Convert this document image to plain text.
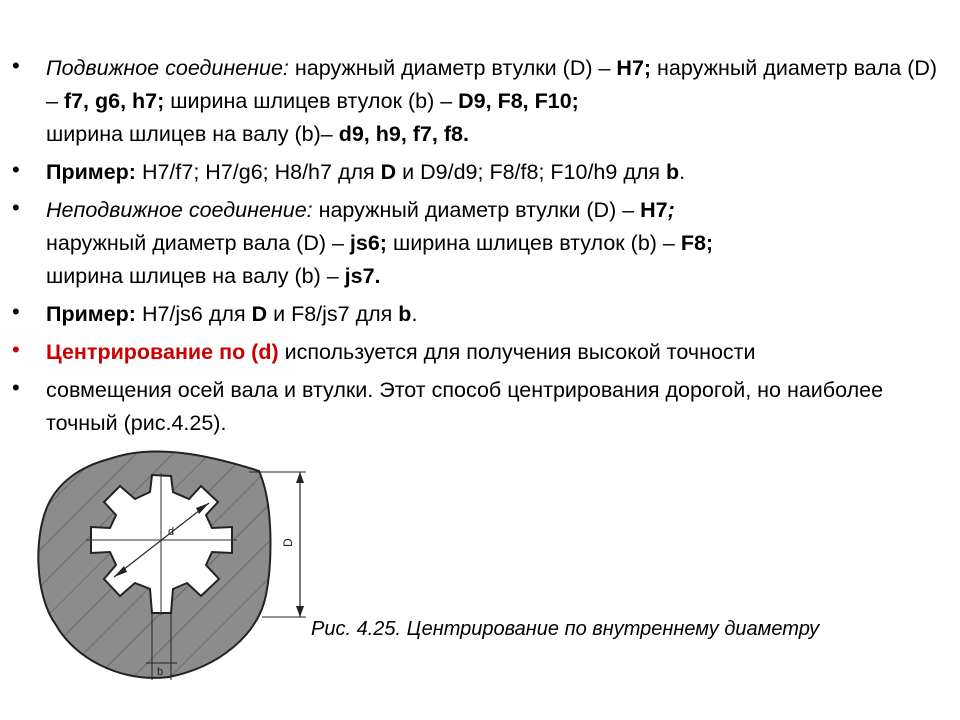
• Подвижное соединение: наружный диаметр втулки (D) – H7; наружный диаметр вала (D) – f7, g6, h7; ширина шлицев втулок (b) – D9, F8, F10;
ширина шлицев на валу (b)– d9, h9, f7, f8.
• Пример: H7/f7; H7/g6; H8/h7 для D и D9/d9; F8/f8; F10/h9 для b.
• Неподвижное соединение: наружный диаметр втулки (D) – H7;
наружный диаметр вала (D) – js6; ширина шлицев втулок (b) – F8;
ширина шлицев на валу (b) – js7.
• Пример: H7/js6 для D и F8/js7 для b.
• Центрирование по (d) используется для получения высокой точности
• совмещения осей вала и втулки. Этот способ центрирования дорогой, но наиболее точный (рис.4.25).
d
D
b
Рис. 4.25. Центрирование по внутреннему диаметру
